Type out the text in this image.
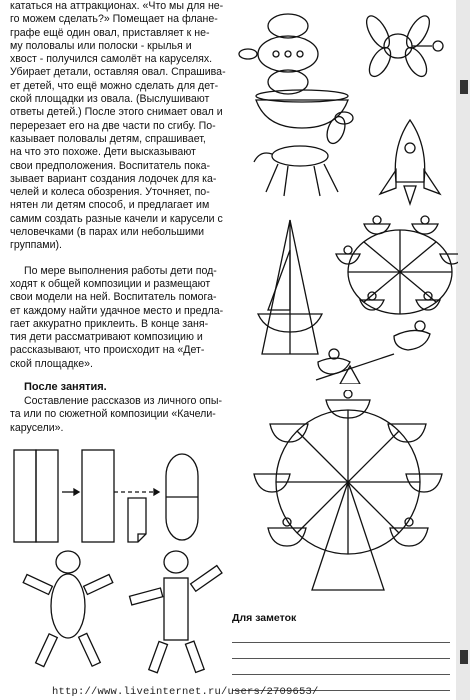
кататься на аттракционах. «Что мы для не-

го можем сделать?» Помещает на флане-

графе ещё один овал, приставляет к не-

му половалы или полоски - крылья и

хвост - получился самолёт на каруселях.

Убирает детали, оставляя овал. Спрашива-

ет детей, что ещё можно сделать для дет-

ской площадки из овала. (Выслушивают

ответы детей.) После этого снимает овал и

перерезает его на две части по сгибу. По-

казывает половалы детям, спрашивает,

на что это похоже. Дети высказывают

свои предположения. Воспитатель пока-

зывает вариант создания лодочек для ка-

челей и колеса обозрения. Уточняет, по-

нятен ли детям способ, и предлагает им

самим создать разные качели и карусели с

человечками (в парах или небольшими

группами).

По мере выполнения работы дети под-

ходят к общей композиции и размещают

свои модели на ней. Воспитатель помога-

ет каждому найти удачное место и предла-

гает аккуратно приклеить. В конце заня-

тия дети рассматривают композицию и

рассказывают, что происходит на «Дет-

ской площадке».

После занятия.

Составление рассказов из личного опы-

та или по сюжетной композиции «Качели-

карусели».

Для заметок
http://www.liveinternet.ru/users/2709653/
